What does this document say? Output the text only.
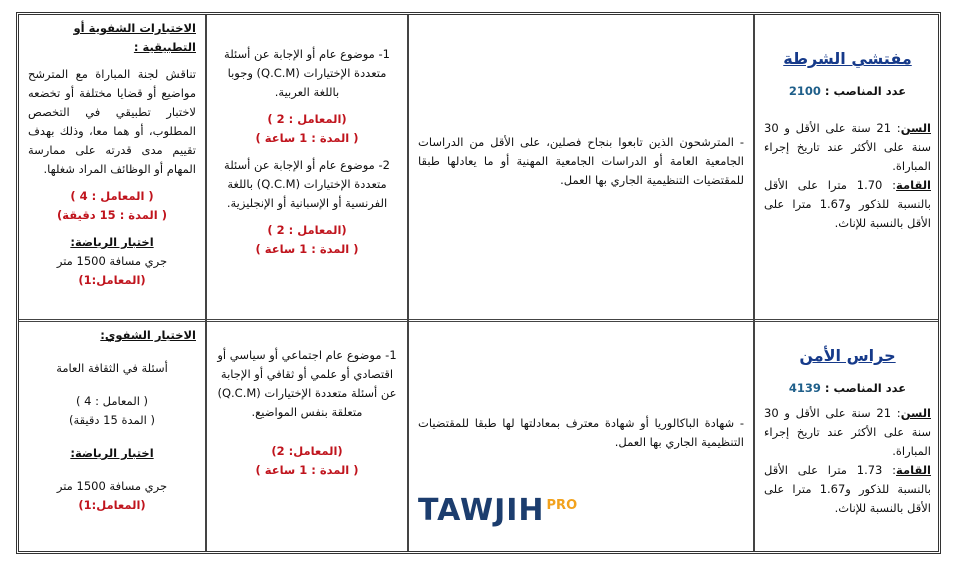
الاختبارات الشفوية أو التطبيقية :
تناقش لجنة المباراة مع المترشح مواضيع أو قضايا مختلفة أو تخضعه لاختبار تطبيقي في التخصص المطلوب، أو هما معا، وذلك بهدف تقييم مدى قدرته على ممارسة المهام أو الوظائف المراد شغلها.
( المعامل : 4 )
( المدة : 15 دقيقة)
اختبار الرياضة:
جري مسافة 1500 متر
(المعامل:1)
1- موضوع عام أو الإجابة عن أسئلة متعددة الإختيارات (Q.C.M) وجوبا باللغة العربية.
(المعامل : 2 )
( المدة : 1 ساعة )
2- موضوع عام أو الإجابة عن أسئلة متعددة الإختيارات (Q.C.M) باللغة الفرنسية أو الإسبانية أو الإنجليزية.
(المعامل : 2 )
( المدة : 1 ساعة )
- المترشحون الذين تابعوا بنجاح فصلين، على الأقل من الدراسات الجامعية العامة أو الدراسات الجامعية المهنية أو ما يعادلها طبقا للمقتضيات التنظيمية الجاري بها العمل.
مفتشي الشرطة
عدد المناصب : 2100
السن: 21 سنة على الأقل و 30 سنة على الأكثر عند تاريخ إجراء المباراة.
القامة: 1.70 مترا على الأقل بالنسبة للذكور و1.67 مترا على الأقل بالنسبة للإناث.
الاختبار الشفوي:
أسئلة في الثقافة العامة
( المعامل : 4 )
( المدة 15 دقيقة)
اختبار الرياضة:
جري مسافة 1500 متر
(المعامل:1)
1- موضوع عام اجتماعي أو سياسي أو اقتصادي أو علمي أو ثقافي أو الإجابة عن أسئلة متعددة الإختيارات (Q.C.M) متعلقة بنفس المواضيع.
(المعامل: 2)
( المدة : 1 ساعة )
- شهادة الباكالوريا أو شهادة معترف بمعادلتها لها طبقا للمقتضيات التنظيمية الجاري بها العمل.
حراس الأمن
عدد المناصب : 4139
السن: 21 سنة على الأقل و 30 سنة على الأكثر عند تاريخ إجراء المباراة.
القامة: 1.73 مترا على الأقل بالنسبة للذكور و1.67 مترا على الأقل بالنسبة للإناث.
TAWJIH PRO
